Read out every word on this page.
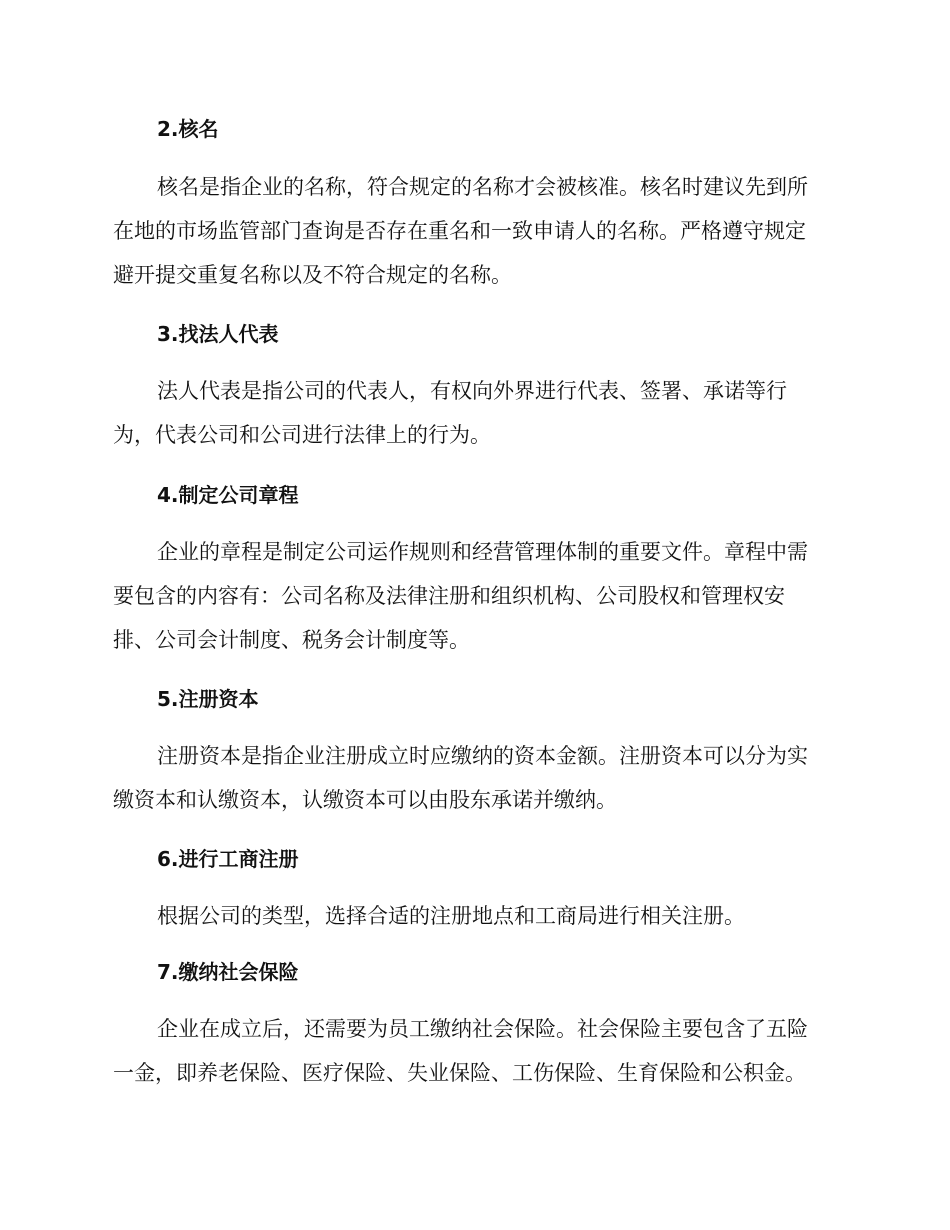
2.核名
核名是指企业的名称，符合规定的名称才会被核准。核名时建议先到所
在地的市场监管部门查询是否存在重名和一致申请人的名称。严格遵守规定
避开提交重复名称以及不符合规定的名称。
3.找法人代表
法人代表是指公司的代表人，有权向外界进行代表、签署、承诺等行
为，代表公司和公司进行法律上的行为。
4.制定公司章程
企业的章程是制定公司运作规则和经营管理体制的重要文件。章程中需
要包含的内容有：公司名称及法律注册和组织机构、公司股权和管理权安
排、公司会计制度、税务会计制度等。
5.注册资本
注册资本是指企业注册成立时应缴纳的资本金额。注册资本可以分为实
缴资本和认缴资本，认缴资本可以由股东承诺并缴纳。
6.进行工商注册
根据公司的类型，选择合适的注册地点和工商局进行相关注册。
7.缴纳社会保险
企业在成立后，还需要为员工缴纳社会保险。社会保险主要包含了五险
一金，即养老保险、医疗保险、失业保险、工伤保险、生育保险和公积金。
